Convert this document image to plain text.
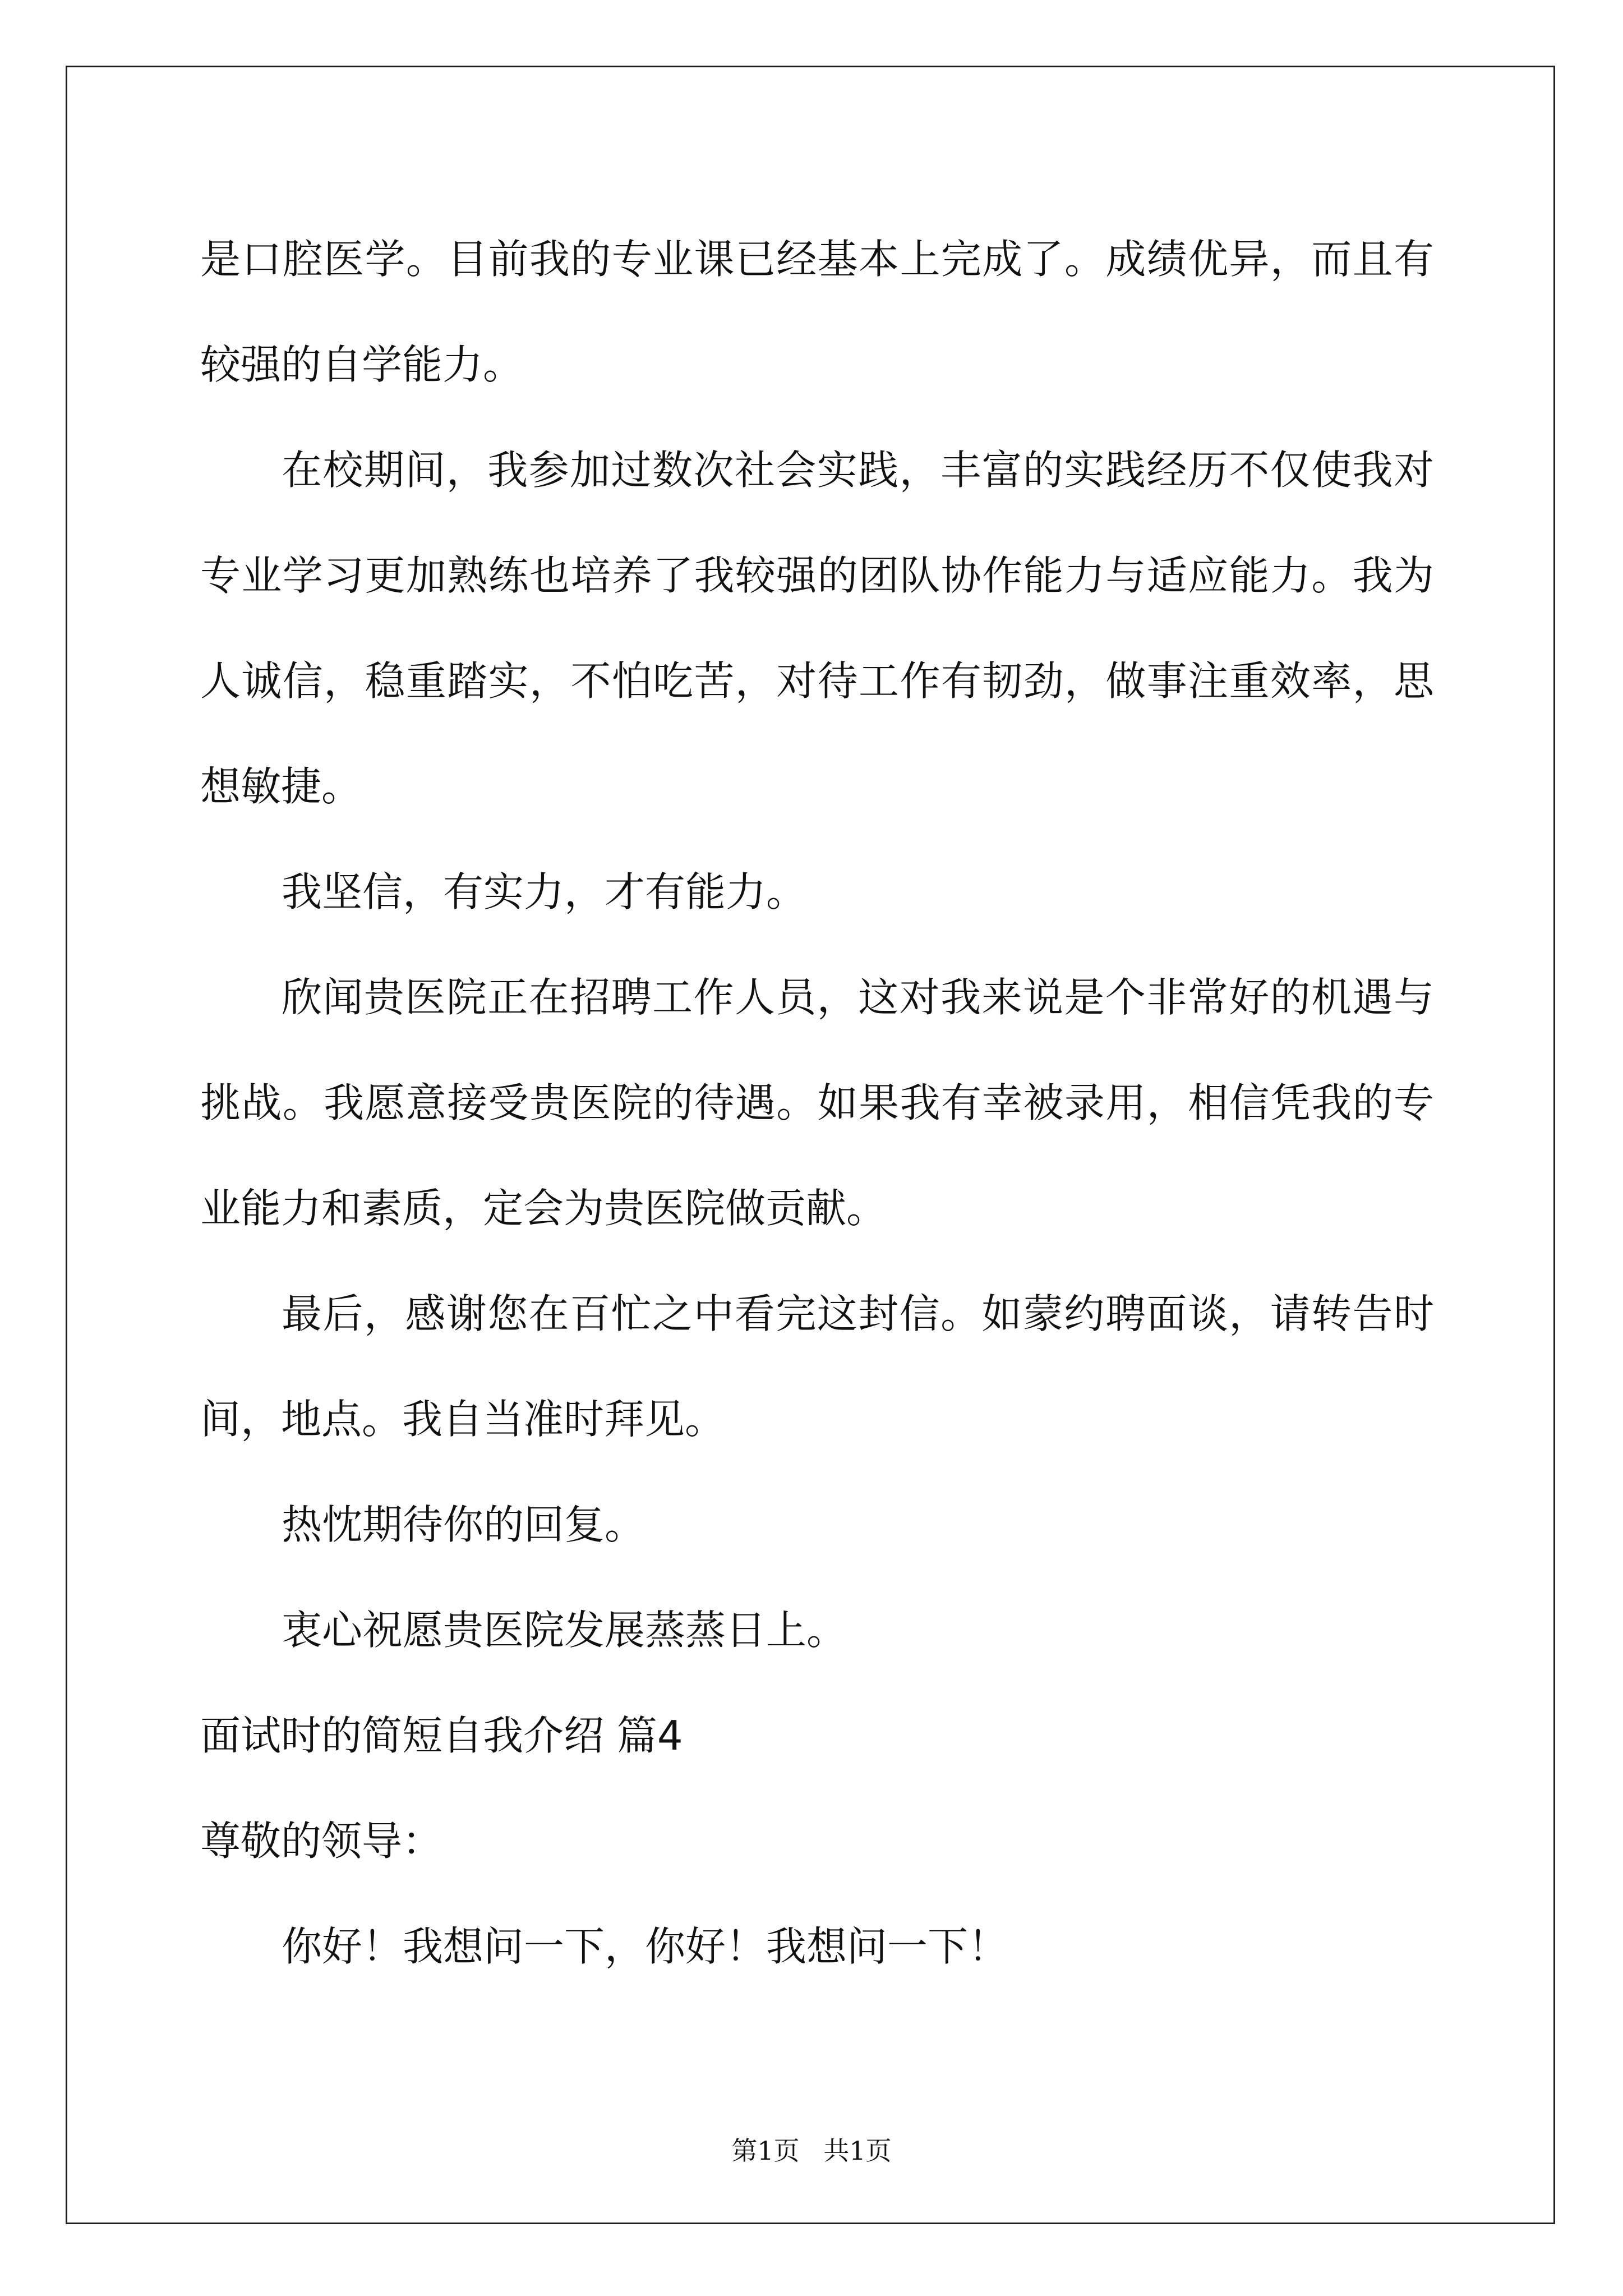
是口腔医学。目前我的专业课已经基本上完成了。成绩优异，而且有
较强的自学能力。
在校期间，我参加过数次社会实践，丰富的实践经历不仅使我对
专业学习更加熟练也培养了我较强的团队协作能力与适应能力。我为
人诚信，稳重踏实，不怕吃苦，对待工作有韧劲，做事注重效率，思
想敏捷。
我坚信，有实力，才有能力。
欣闻贵医院正在招聘工作人员，这对我来说是个非常好的机遇与
挑战。我愿意接受贵医院的待遇。如果我有幸被录用，相信凭我的专
业能力和素质，定会为贵医院做贡献。
最后，感谢您在百忙之中看完这封信。如蒙约聘面谈，请转告时
间，地点。我自当准时拜见。
热忱期待你的回复。
衷心祝愿贵医院发展蒸蒸日上。
面试时的简短自我介绍 篇4
尊敬的领导：
你好！我想问一下，你好！我想问一下！
第1页 共1页
